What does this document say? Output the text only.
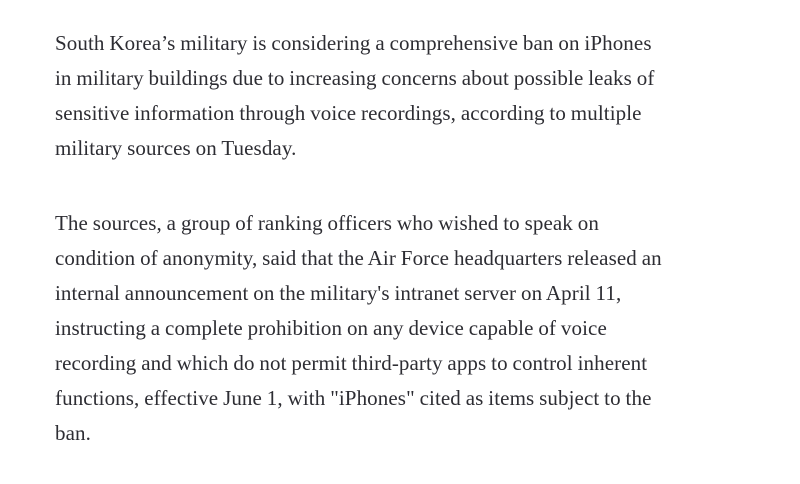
South Korea’s military is considering a comprehensive ban on iPhones
in military buildings due to increasing concerns about possible leaks of
sensitive information through voice recordings, according to multiple
military sources on Tuesday.

The sources, a group of ranking officers who wished to speak on
condition of anonymity, said that the Air Force headquarters released an
internal announcement on the military's intranet server on April 11,
instructing a complete prohibition on any device capable of voice
recording and which do not permit third-party apps to control inherent
functions, effective June 1, with "iPhones" cited as items subject to the
ban.
